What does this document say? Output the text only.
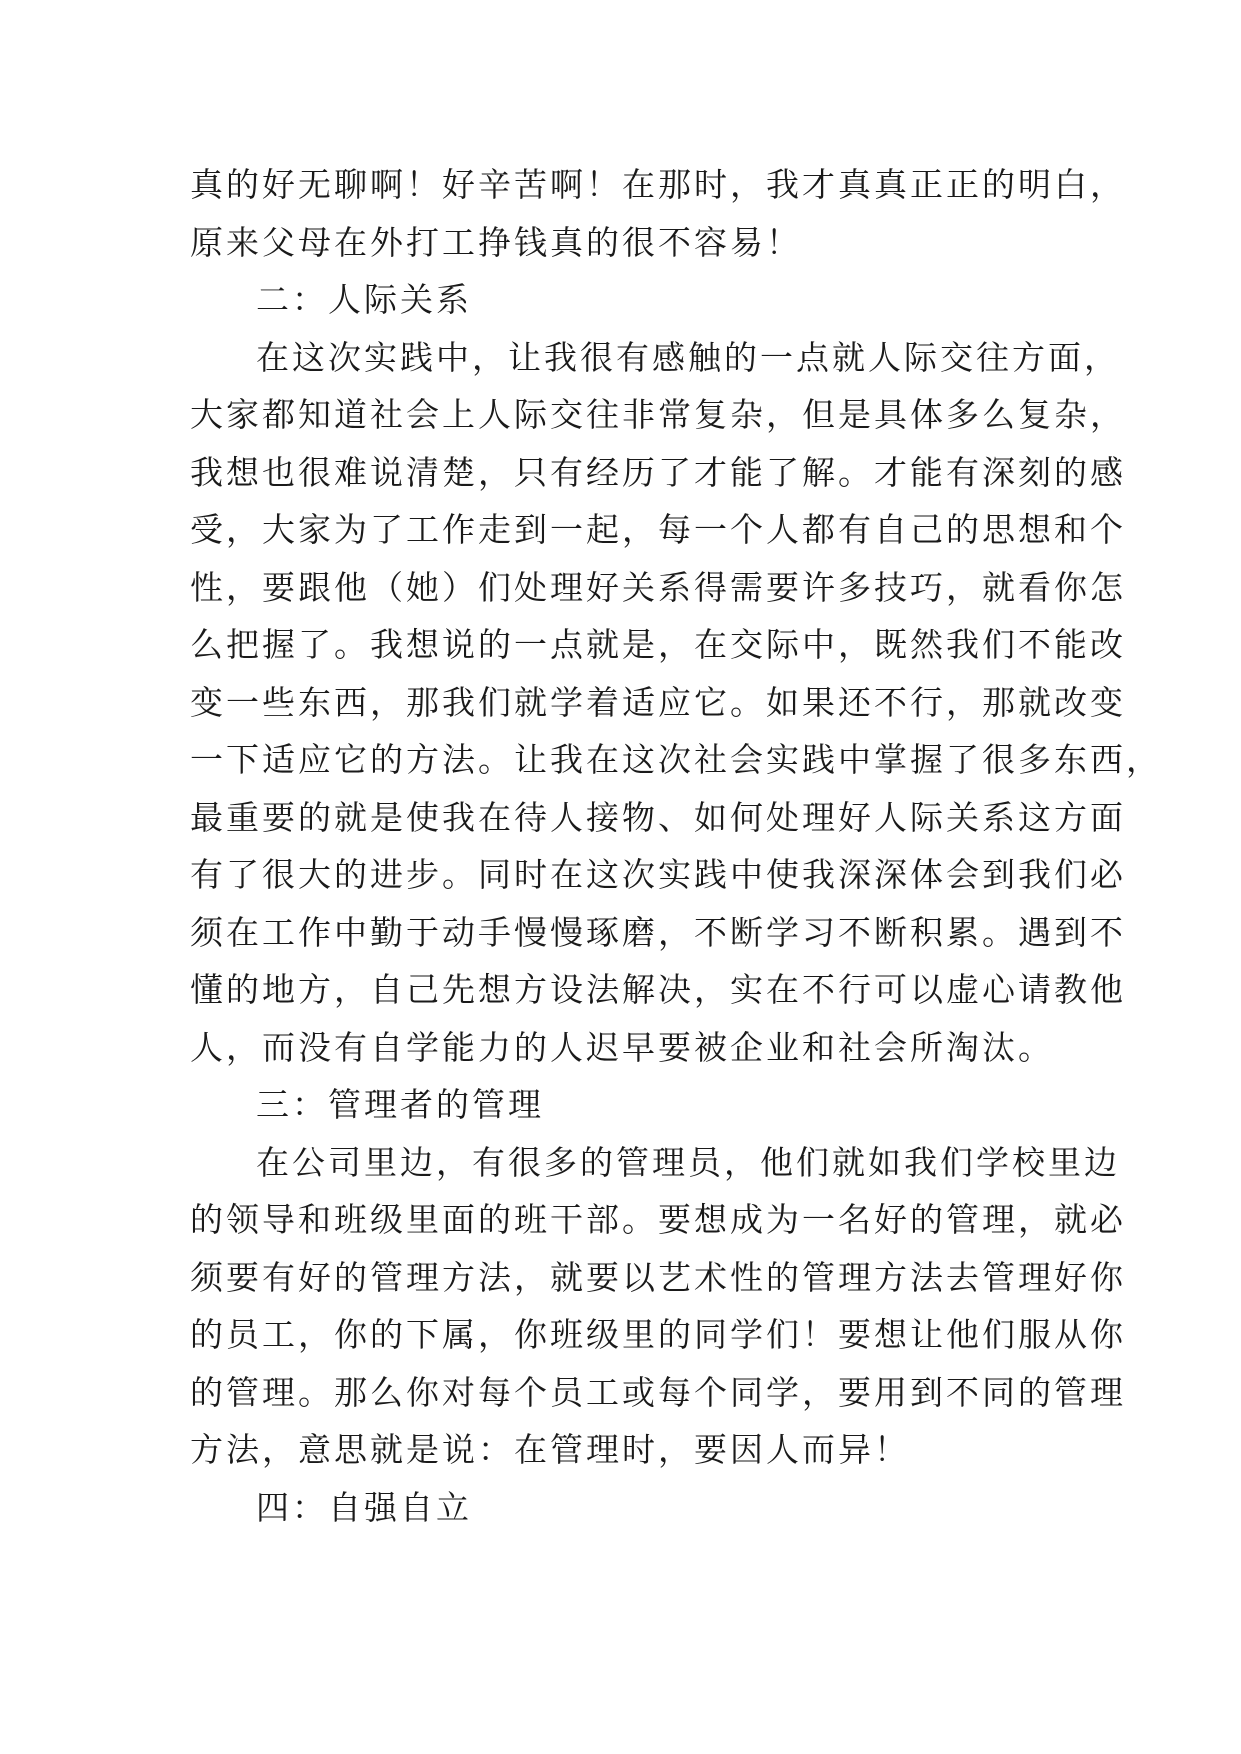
真的好无聊啊！好辛苦啊！在那时，我才真真正正的明白，
原来父母在外打工挣钱真的很不容易！
二：人际关系
在这次实践中，让我很有感触的一点就人际交往方面，
大家都知道社会上人际交往非常复杂，但是具体多么复杂，
我想也很难说清楚，只有经历了才能了解。才能有深刻的感
受，大家为了工作走到一起，每一个人都有自己的思想和个
性，要跟他（她）们处理好关系得需要许多技巧，就看你怎
么把握了。我想说的一点就是，在交际中，既然我们不能改
变一些东西，那我们就学着适应它。如果还不行，那就改变
一下适应它的方法。让我在这次社会实践中掌握了很多东西，
最重要的就是使我在待人接物、如何处理好人际关系这方面
有了很大的进步。同时在这次实践中使我深深体会到我们必
须在工作中勤于动手慢慢琢磨，不断学习不断积累。遇到不
懂的地方，自己先想方设法解决，实在不行可以虚心请教他
人，而没有自学能力的人迟早要被企业和社会所淘汰。
三：管理者的管理
在公司里边，有很多的管理员，他们就如我们学校里边
的领导和班级里面的班干部。要想成为一名好的管理，就必
须要有好的管理方法，就要以艺术性的管理方法去管理好你
的员工，你的下属，你班级里的同学们！要想让他们服从你
的管理。那么你对每个员工或每个同学，要用到不同的管理
方法，意思就是说：在管理时，要因人而异！
四：自强自立
